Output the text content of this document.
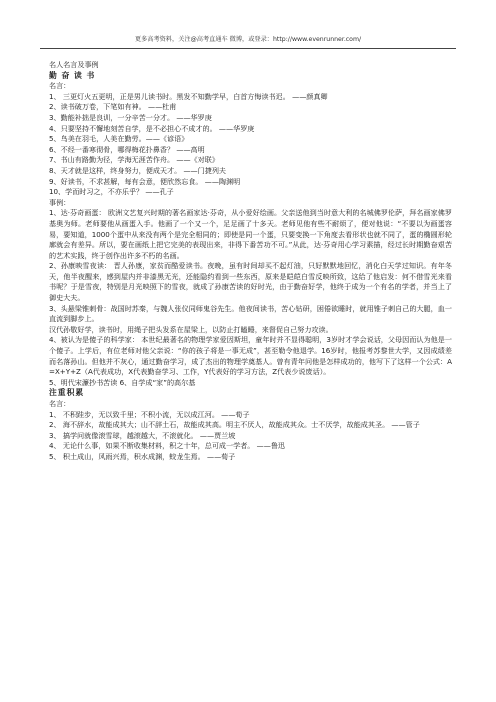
更多高考资料，关注@高考直通车 微博，或登录：http://www.evenrunner.com/
名人名言及事例
勤 奋 读 书
名言：
1、 三更灯火五更明，正是男儿读书时。黑发不知勤学早，白首方悔读书迟。 ——颜真卿
2、读书破万卷，下笔如有神。 ——杜甫
3、勤能补拙是良训，一分辛苦一分才。 ——华罗庚
4、只要坚持不懈地刻苦自学，是不必担心不成才的。 ——华罗庚
5、鸟美在羽毛，人美在勤劳。——《谚语》
6、不经一番寒彻骨，哪得梅花扑鼻香？ ——高明
7、书山有路勤为径，学海无涯苦作舟。 ——《对联》
8、天才就是这样，终身努力，便成天才。 ——门捷列夫
9、好读书，不求甚解，每有会意，便欣然忘食。 ——陶渊明
10、学而时习之，不亦乐乎？ ——孔子
事例：
1、达·芬奇画蛋： 欧洲文艺复兴时期的著名画家达·芬奇，从小爱好绘画。父亲送他到当时意大利的名城佛罗伦萨，拜名画家佛罗基奥为师。老师要他从画蛋入手。他画了一个又一个，足足画了十多天。老师见他有些不耐烦了，便对他说：“不要以为画蛋容易，要知道，1000个蛋中从来没有两个是完全相同的；即使是同一个蛋，只要变换一下角度去看形状也就不同了，蛋的椭圆形轮廓就会有差异。所以，要在画纸上把它完美的表现出来，非得下番苦功不可。”从此，达·芬奇用心学习素描，经过长时期勤奋艰苦的艺术实践，终于创作出许多不朽的名画。
2、孙康映雪夜读： 晋人孙康，家贫而酷爱读书。夜晚，虽有时间却买不起灯油，只好默默地回忆，消化白天学过知识。有年冬天，他半夜醒来，感到屋内并非漆黑无光，还能隐约看到一些东西，原来是皑皑白雪反映所致，这给了他启发：何不借雪光来看书呢？于是雪夜，特别是月光映照下的雪夜，就成了孙康苦读的好时光，由于勤奋好学，他终于成为一个有名的学者，并当上了御史大夫。
3、头悬梁锥刺骨：战国时苏秦，与魏人张仪同师鬼谷先生。他夜间读书，苦心钻研，困倦欲睡时，就用锥子刺自己的大腿，血一直流到脚步上。
汉代孙敬好学，读书时，用绳子把头发系在屋梁上，以防止打瞌睡，来督促自己努力攻读。
4、被认为是傻子的科学家： 本世纪最著名的物理学家爱因斯坦，童年时并不显得聪明，3岁时才学会说话，父母因而认为他是一个傻子。上学后，有位老师对他父亲说：“你的孩子将是一事无成”，甚至勒令他退学。16岁时，他报考苏黎世大学，又因成绩差而名落孙山。但他并不灰心，通过勤奋学习，成了杰出的物理学奠基人。曾有青年问他是怎样成功的，他写下了这样一个公式：A=X+Y+Z（A代表成功，X代表勤奋学习、工作，Y代表好的学习方法，Z代表少说废话）。
5、明代宋濂抄书苦读 6、自学成“家”的高尔基
注重积累
名言：
1、 不积跬步，无以致千里；不积小流，无以成江河。 ——荀子
2、 海不辞水，故能成其大；山不辞土石，故能成其高。明主不厌人，故能成其众。士不厌学，故能成其圣。 ——管子
3、 搞学问就像滚雪球，越滚越大，不滚就化。 ——贾兰坡
4、 无论什么事，如果不断收集材料，积之十年，总可成一学者。 ——鲁迅
5、 积土成山，风雨兴焉，积水成渊，蛟龙生焉。 ——荀子
